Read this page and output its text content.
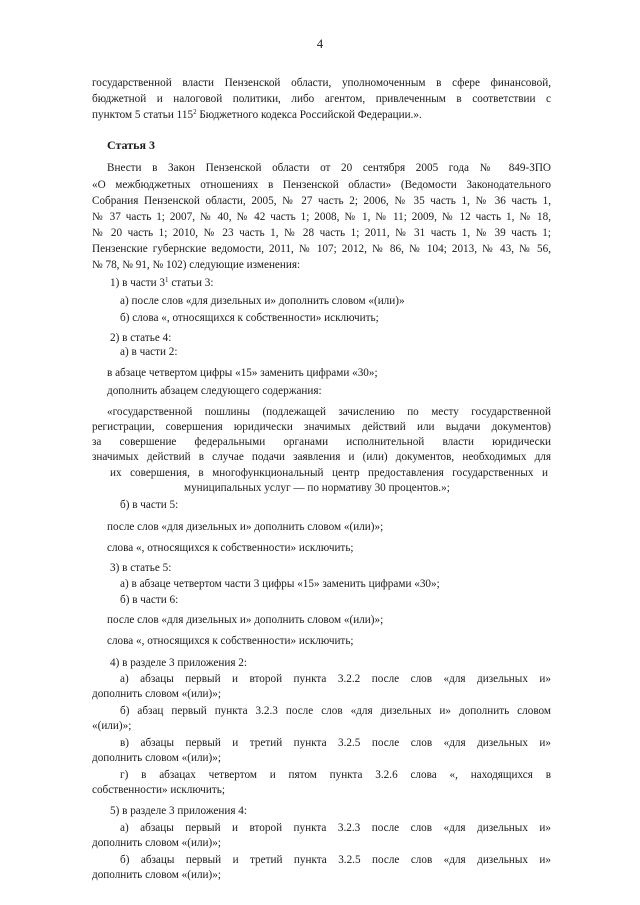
4
государственной власти Пензенской области, уполномоченным в сфере финансовой,
бюджетной и налоговой политики, либо агентом, привлеченным в соответствии с
пунктом 5 статьи $115^2$ Бюджетного кодекса Российской Федерации.».
Статья 3
Внести в Закон Пензенской области от 20 сентября 2005 года № 849-ЗПО
«О межбюджетных отношениях в Пензенской области» (Ведомости Законодательного
Собрания Пензенской области, 2005, № 27 часть 2; 2006, № 35 часть 1, № 36 часть 1,
№ 37 часть 1; 2007, № 40, № 42 часть 1; 2008, № 1, № 11; 2009, № 12 часть 1, № 18,
№ 20 часть 1; 2010, № 23 часть 1, № 28 часть 1; 2011, № 31 часть 1, № 39 часть 1;
Пензенские губернские ведомости, 2011, № 107; 2012, № 86, № 104; 2013, № 43, № 56,
№ 78, № 91, № 102) следующие изменения:
1) в части $3^1$ статьи 3:
а) после слов «для дизельных и» дополнить словом «(или)»
б) слова «, относящихся к собственности» исключить;
2) в статье 4:
а) в части 2:
в абзаце четвертом цифры «15» заменить цифрами «30»;
дополнить абзацем следующего содержания:
«государственной пошлины (подлежащей зачислению по месту государственной
регистрации, совершения юридически значимых действий или выдачи документов)
за совершение федеральными органами исполнительной власти юридически
значимых действий в случае подачи заявления и (или) документов, необходимых для
их совершения, в многофункциональный центр предоставления государственных и
муниципальных услуг — по нормативу 30 процентов.»;
б) в части 5:
после слов «для дизельных и» дополнить словом «(или)»;
слова «, относящихся к собственности» исключить;
3) в статье 5:
а) в абзаце четвертом части 3 цифры «15» заменить цифрами «30»;
б) в части 6:
после слов «для дизельных и» дополнить словом «(или)»;
слова «, относящихся к собственности» исключить;
4) в разделе 3 приложения 2:
а) абзацы первый и второй пункта 3.2.2 после слов «для дизельных и»
дополнить словом «(или)»;
б) абзац первый пункта 3.2.3 после слов «для дизельных и» дополнить словом
«(или)»;
в) абзацы первый и третий пункта 3.2.5 после слов «для дизельных и»
дополнить словом «(или)»;
г) в абзацах четвертом и пятом пункта 3.2.6 слова «, находящихся в
собственности» исключить;
5) в разделе 3 приложения 4:
а) абзацы первый и второй пункта 3.2.3 после слов «для дизельных и»
дополнить словом «(или)»;
б) абзацы первый и третий пункта 3.2.5 после слов «для дизельных и»
дополнить словом «(или)»;
